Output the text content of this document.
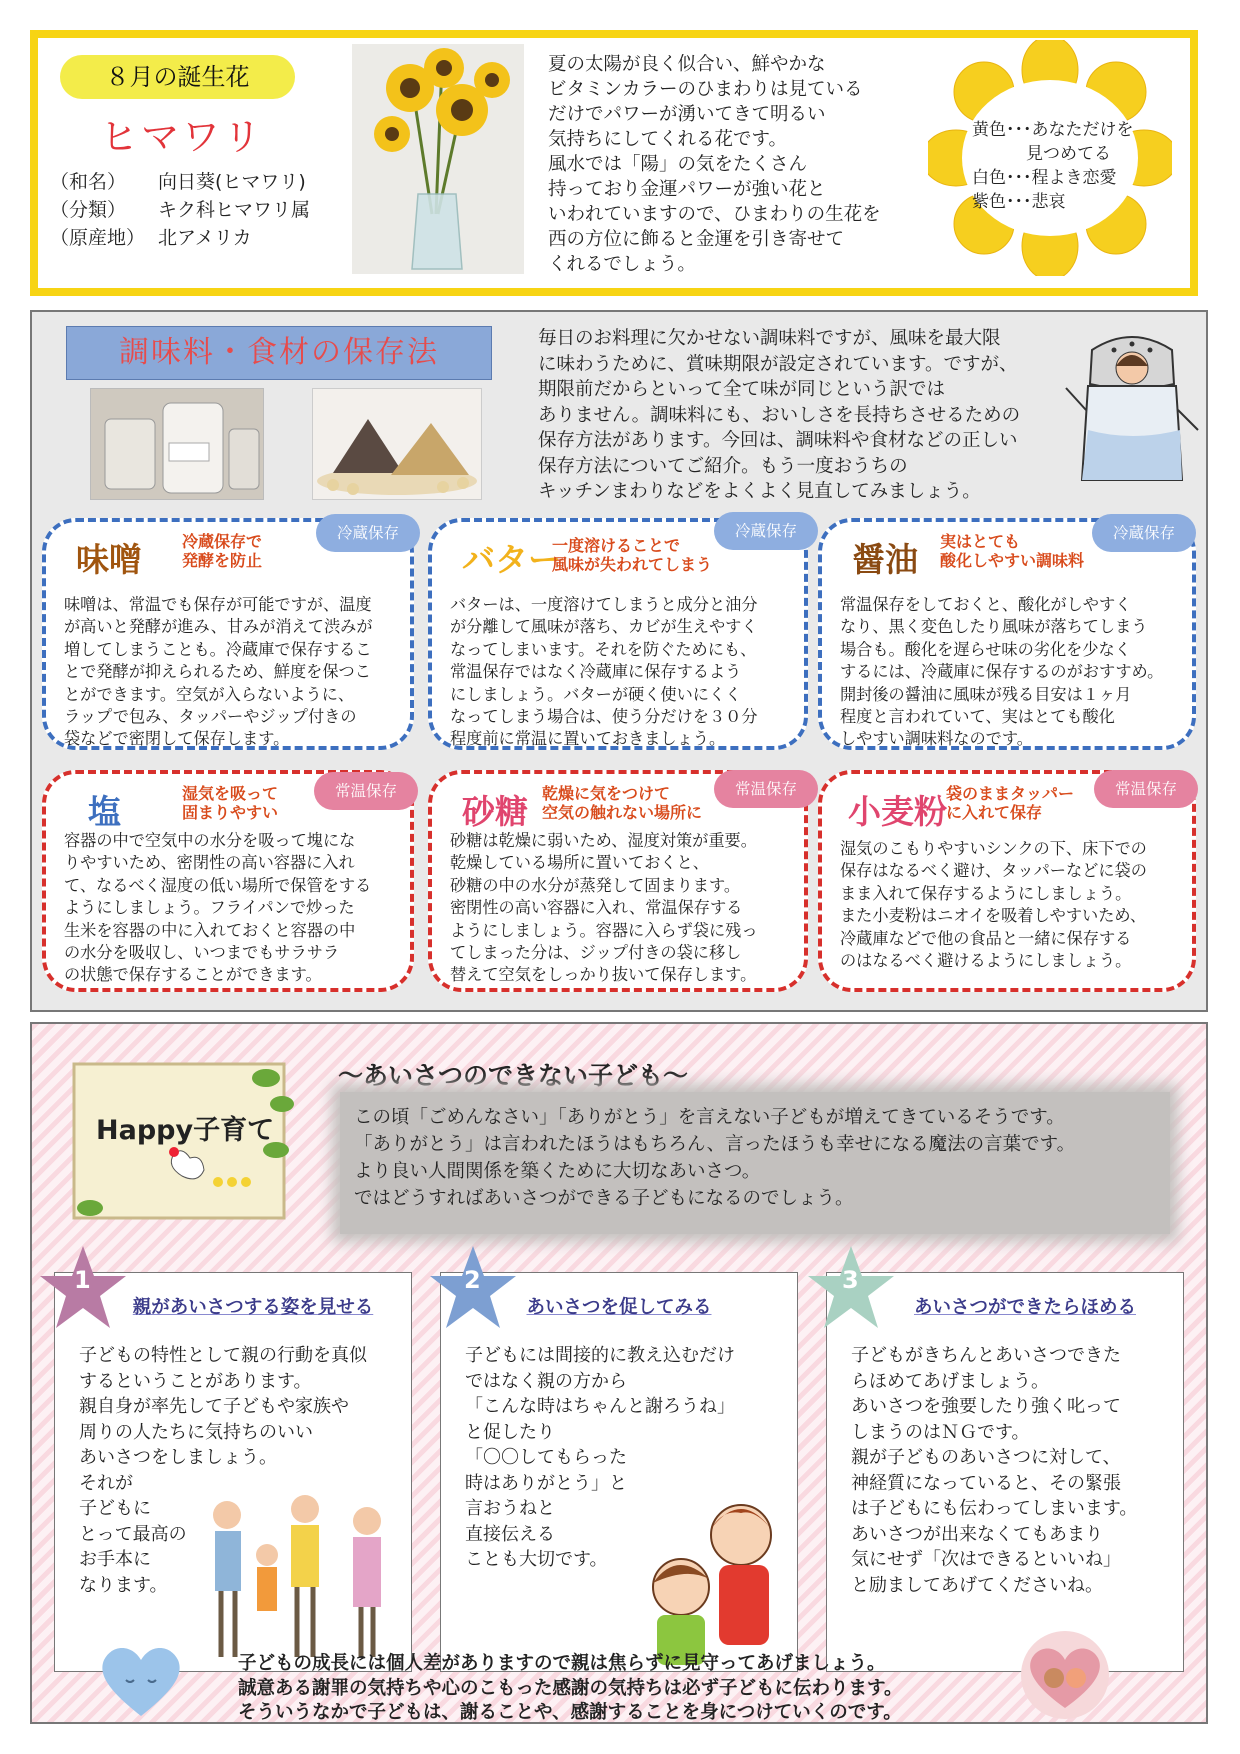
８月の誕生花
ヒマワリ
（和名） 向日葵(ヒマワリ)
（分類） キク科ヒマワリ属
（原産地） 北アメリカ
夏の太陽が良く似合い、鮮やかな
ビタミンカラーのひまわりは見ている
だけでパワーが湧いてきて明るい
気持ちにしてくれる花です。
風水では「陽」の気をたくさん
持っており金運パワーが強い花と
いわれていますので、ひまわりの生花を
西の方位に飾ると金運を引き寄せて
くれるでしょう。
黄色･･･あなただけを
見つめてる
白色･･･程よき恋愛
紫色･･･悲哀
調味料・食材の保存法	毎日のお料理に欠かせない調味料ですが、風味を最大限
に味わうために、賞味期限が設定されています。ですが、
期限前だからといって全て味が同じという訳では
ありません。調味料にも、おいしさを長持ちさせるための
保存方法があります。今回は、調味料や食材などの正しい
保存方法についてご紹介。もう一度おうちの
キッチンまわりなどをよくよく見直してみましょう。
味噌	冷蔵保存で
発酵を防止
味噌は、常温でも保存が可能ですが、温度
が高いと発酵が進み、甘みが消えて渋みが
増してしまうことも。冷蔵庫で保存するこ
とで発酵が抑えられるため、鮮度を保つこ
とができます。空気が入らないように、
ラップで包み、タッパーやジップ付きの
袋などで密閉して保存します。
冷蔵保存
バター
一度溶けることで
風味が失われてしまう
バターは、一度溶けてしまうと成分と油分
が分離して風味が落ち、カビが生えやすく
なってしまいます。それを防ぐためにも、
常温保存ではなく冷蔵庫に保存するよう
にしましょう。バターが硬く使いにくく
なってしまう場合は、使う分だけを３０分
程度前に常温に置いておきましょう。
冷蔵保存
醤油 実はとても
酸化しやすい調味料
常温保存をしておくと、酸化がしやすく
なり、黒く変色したり風味が落ちてしまう
場合も。酸化を遅らせ味の劣化を少なく
するには、冷蔵庫に保存するのがおすすめ。
開封後の醤油に風味が残る目安は１ヶ月
程度と言われていて、実はとても酸化
しやすい調味料なのです。
冷蔵保存
塩	湿気を吸って
固まりやすい
容器の中で空気中の水分を吸って塊にな
りやすいため、密閉性の高い容器に入れ
て、なるべく湿度の低い場所で保管をする
ようにしましょう。フライパンで炒った
生米を容器の中に入れておくと容器の中
の水分を吸収し、いつまでもサラサラ
の状態で保存することができます。
常温保存
砂糖 乾燥に気をつけて
空気の触れない場所に
砂糖は乾燥に弱いため、湿度対策が重要。
乾燥している場所に置いておくと、
砂糖の中の水分が蒸発して固まります。
密閉性の高い容器に入れ、常温保存する
ようにしましょう。容器に入らず袋に残っ
てしまった分は、ジップ付きの袋に移し
替えて空気をしっかり抜いて保存します。
常温保存
小麦粉 袋のままタッパー
に入れて保存
湿気のこもりやすいシンクの下、床下での
保存はなるべく避け、タッパーなどに袋の
まま入れて保存するようにしましょう。
また小麦粉はニオイを吸着しやすいため、
冷蔵庫などで他の食品と一緒に保存する
のはなるべく避けるようにしましょう。
常温保存
Happy子育て
～あいさつのできない子ども～
この頃「ごめんなさい」「ありがとう」を言えない子どもが増えてきているそうです。
「ありがとう」は言われたほうはもちろん、言ったほうも幸せになる魔法の言葉です。
より良い人間関係を築くために大切なあいさつ。
ではどうすればあいさつができる子どもになるのでしょう。
親があいさつする姿を見せる
子どもの特性として親の行動を真似
するということがあります。
親自身が率先して子どもや家族や
周りの人たちに気持ちのいい
あいさつをしましょう。
それが
子どもに
とって最高の
お手本に
なります。
あいさつを促してみる
子どもには間接的に教え込むだけ
ではなく親の方から
「こんな時はちゃんと謝ろうね」
と促したり
「〇〇してもらった
時はありがとう」と
言おうねと
直接伝える
ことも大切です。
あいさつができたらほめる
子どもがきちんとあいさつできた
らほめてあげましょう。
あいさつを強要したり強く叱って
しまうのはＮＧです。
親が子どものあいさつに対して、
神経質になっていると、その緊張
は子どもにも伝わってしまいます。
あいさつが出来なくてもあまり
気にせず「次はできるといいね」
と励ましてあげてくださいね。
1	2	3
子どもの成長には個人差がありますので親は焦らずに見守ってあげましょう。
誠意ある謝罪の気持ちや心のこもった感謝の気持ちは必ず子どもに伝わります。
そういうなかで子どもは、謝ることや、感謝することを身につけていくのです。
